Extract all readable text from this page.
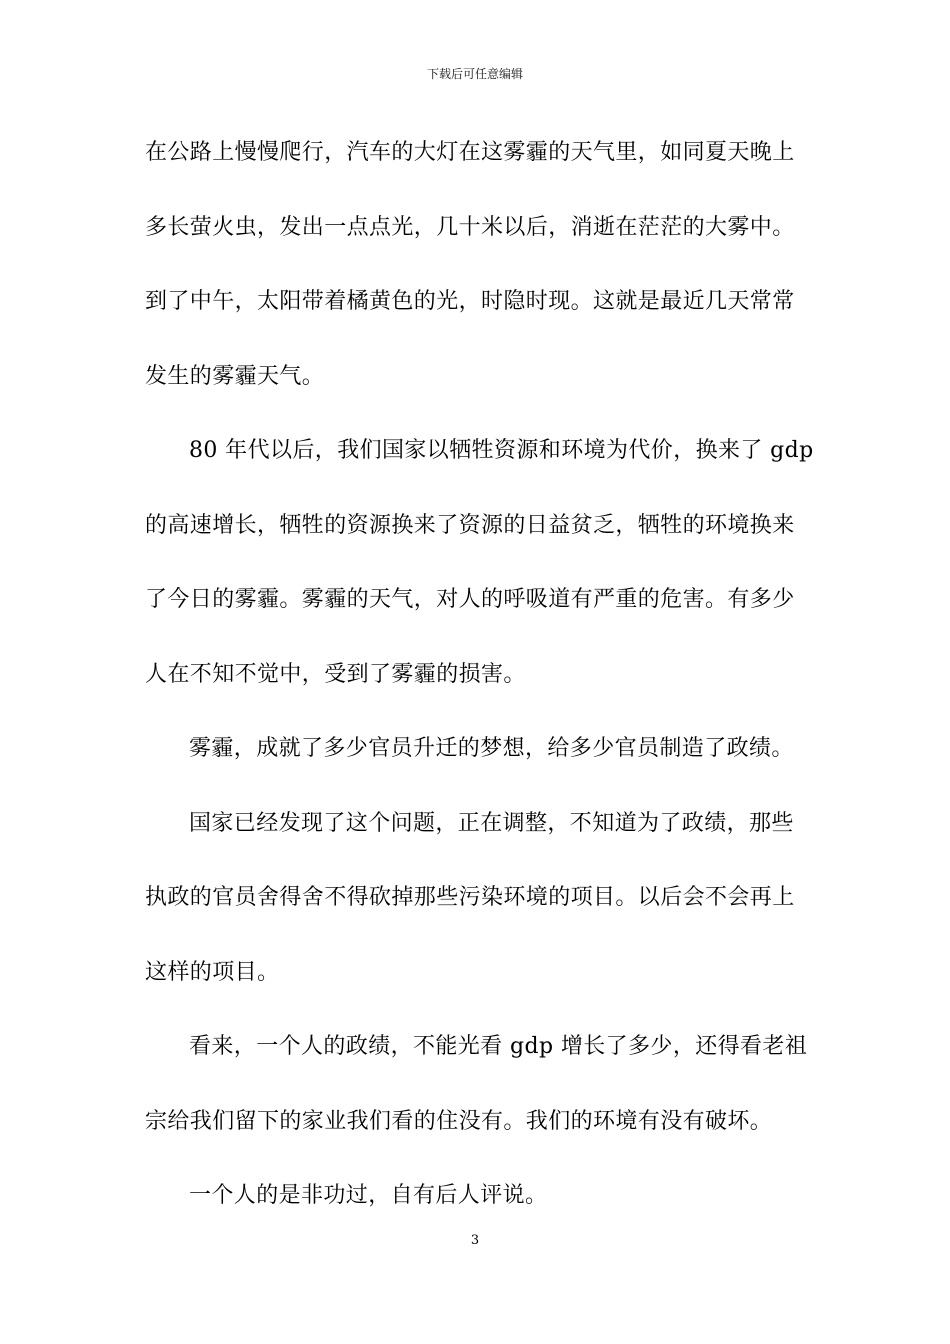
下载后可任意编辑
在公路上慢慢爬行，汽车的大灯在这雾霾的天气里，如同夏天晚上
多长萤火虫，发出一点点光，几十米以后，消逝在茫茫的大雾中。
到了中午，太阳带着橘黄色的光，时隐时现。这就是最近几天常常
发生的雾霾天气。
80 年代以后，我们国家以牺牲资源和环境为代价，换来了 gdp
的高速增长，牺牲的资源换来了资源的日益贫乏，牺牲的环境换来
了今日的雾霾。雾霾的天气，对人的呼吸道有严重的危害。有多少
人在不知不觉中，受到了雾霾的损害。
雾霾，成就了多少官员升迁的梦想，给多少官员制造了政绩。
国家已经发现了这个问题，正在调整，不知道为了政绩，那些
执政的官员舍得舍不得砍掉那些污染环境的项目。以后会不会再上
这样的项目。
看来，一个人的政绩，不能光看 gdp 增长了多少，还得看老祖
宗给我们留下的家业我们看的住没有。我们的环境有没有破坏。
一个人的是非功过，自有后人评说。
3
